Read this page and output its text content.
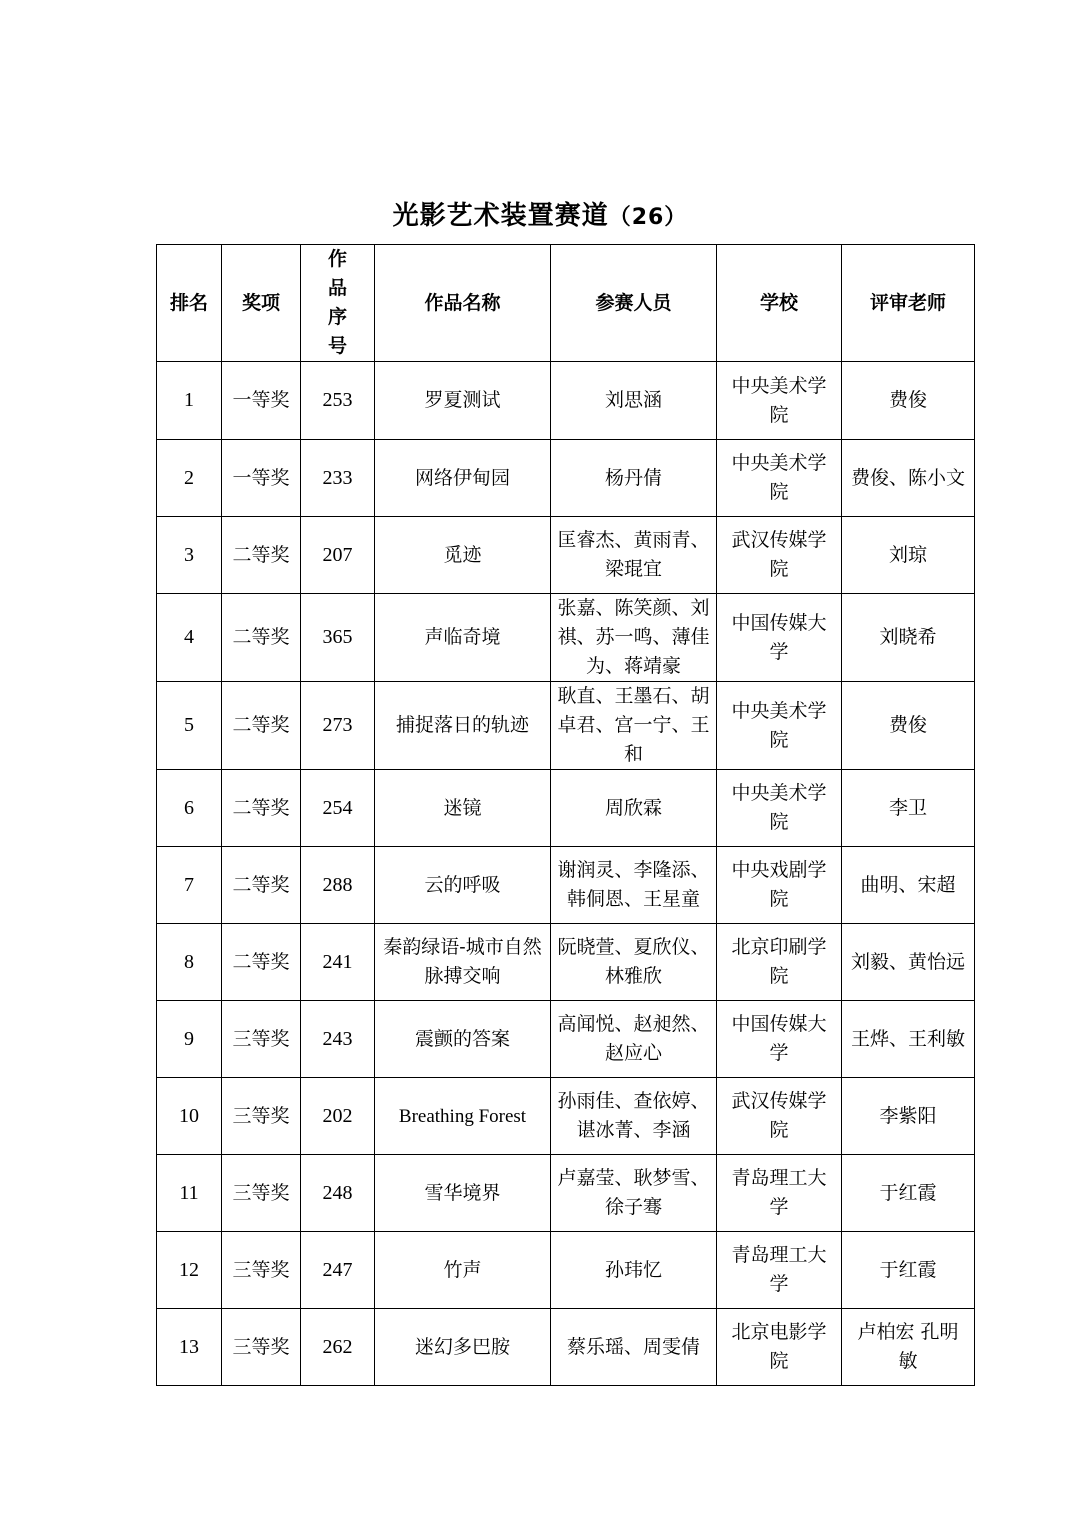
光影艺术装置赛道（26）
排名	奖项	作品序号	作品名称	参赛人员	学校	评审老师
1	一等奖	253	罗夏测试	刘思涵	中央美术学院	费俊
2	一等奖	233	网络伊甸园	杨丹倩	中央美术学院	费俊、陈小文
3	二等奖	207	觅迹	匡睿杰、黄雨青、梁琨宜	武汉传媒学院	刘琼
4	二等奖	365	声临奇境	张嘉、陈笑颜、刘祺、苏一鸣、薄佳为、蒋靖豪	中国传媒大学	刘晓希
5	二等奖	273	捕捉落日的轨迹	耿直、王墨石、胡卓君、宫一宁、王和	中央美术学院	费俊
6	二等奖	254	迷镜	周欣霖	中央美术学院	李卫
7	二等奖	288	云的呼吸	谢润灵、李隆添、韩侗恩、王星童	中央戏剧学院	曲明、宋超
8	二等奖	241	秦韵绿语-城市自然脉搏交响	阮晓萱、夏欣仪、林雅欣	北京印刷学院	刘毅、黄怡远
9	三等奖	243	震颤的答案	高闻悦、赵昶然、赵应心	中国传媒大学	王烨、王利敏
10	三等奖	202	Breathing Forest	孙雨佳、查依婷、谌冰菁、李涵	武汉传媒学院	李紫阳
11	三等奖	248	雪华境界	卢嘉莹、耿梦雪、徐子骞	青岛理工大学	于红霞
12	三等奖	247	竹声	孙玮忆	青岛理工大学	于红霞
13	三等奖	262	迷幻多巴胺	蔡乐瑶、周雯倩	北京电影学院	卢柏宏 孔明敏
